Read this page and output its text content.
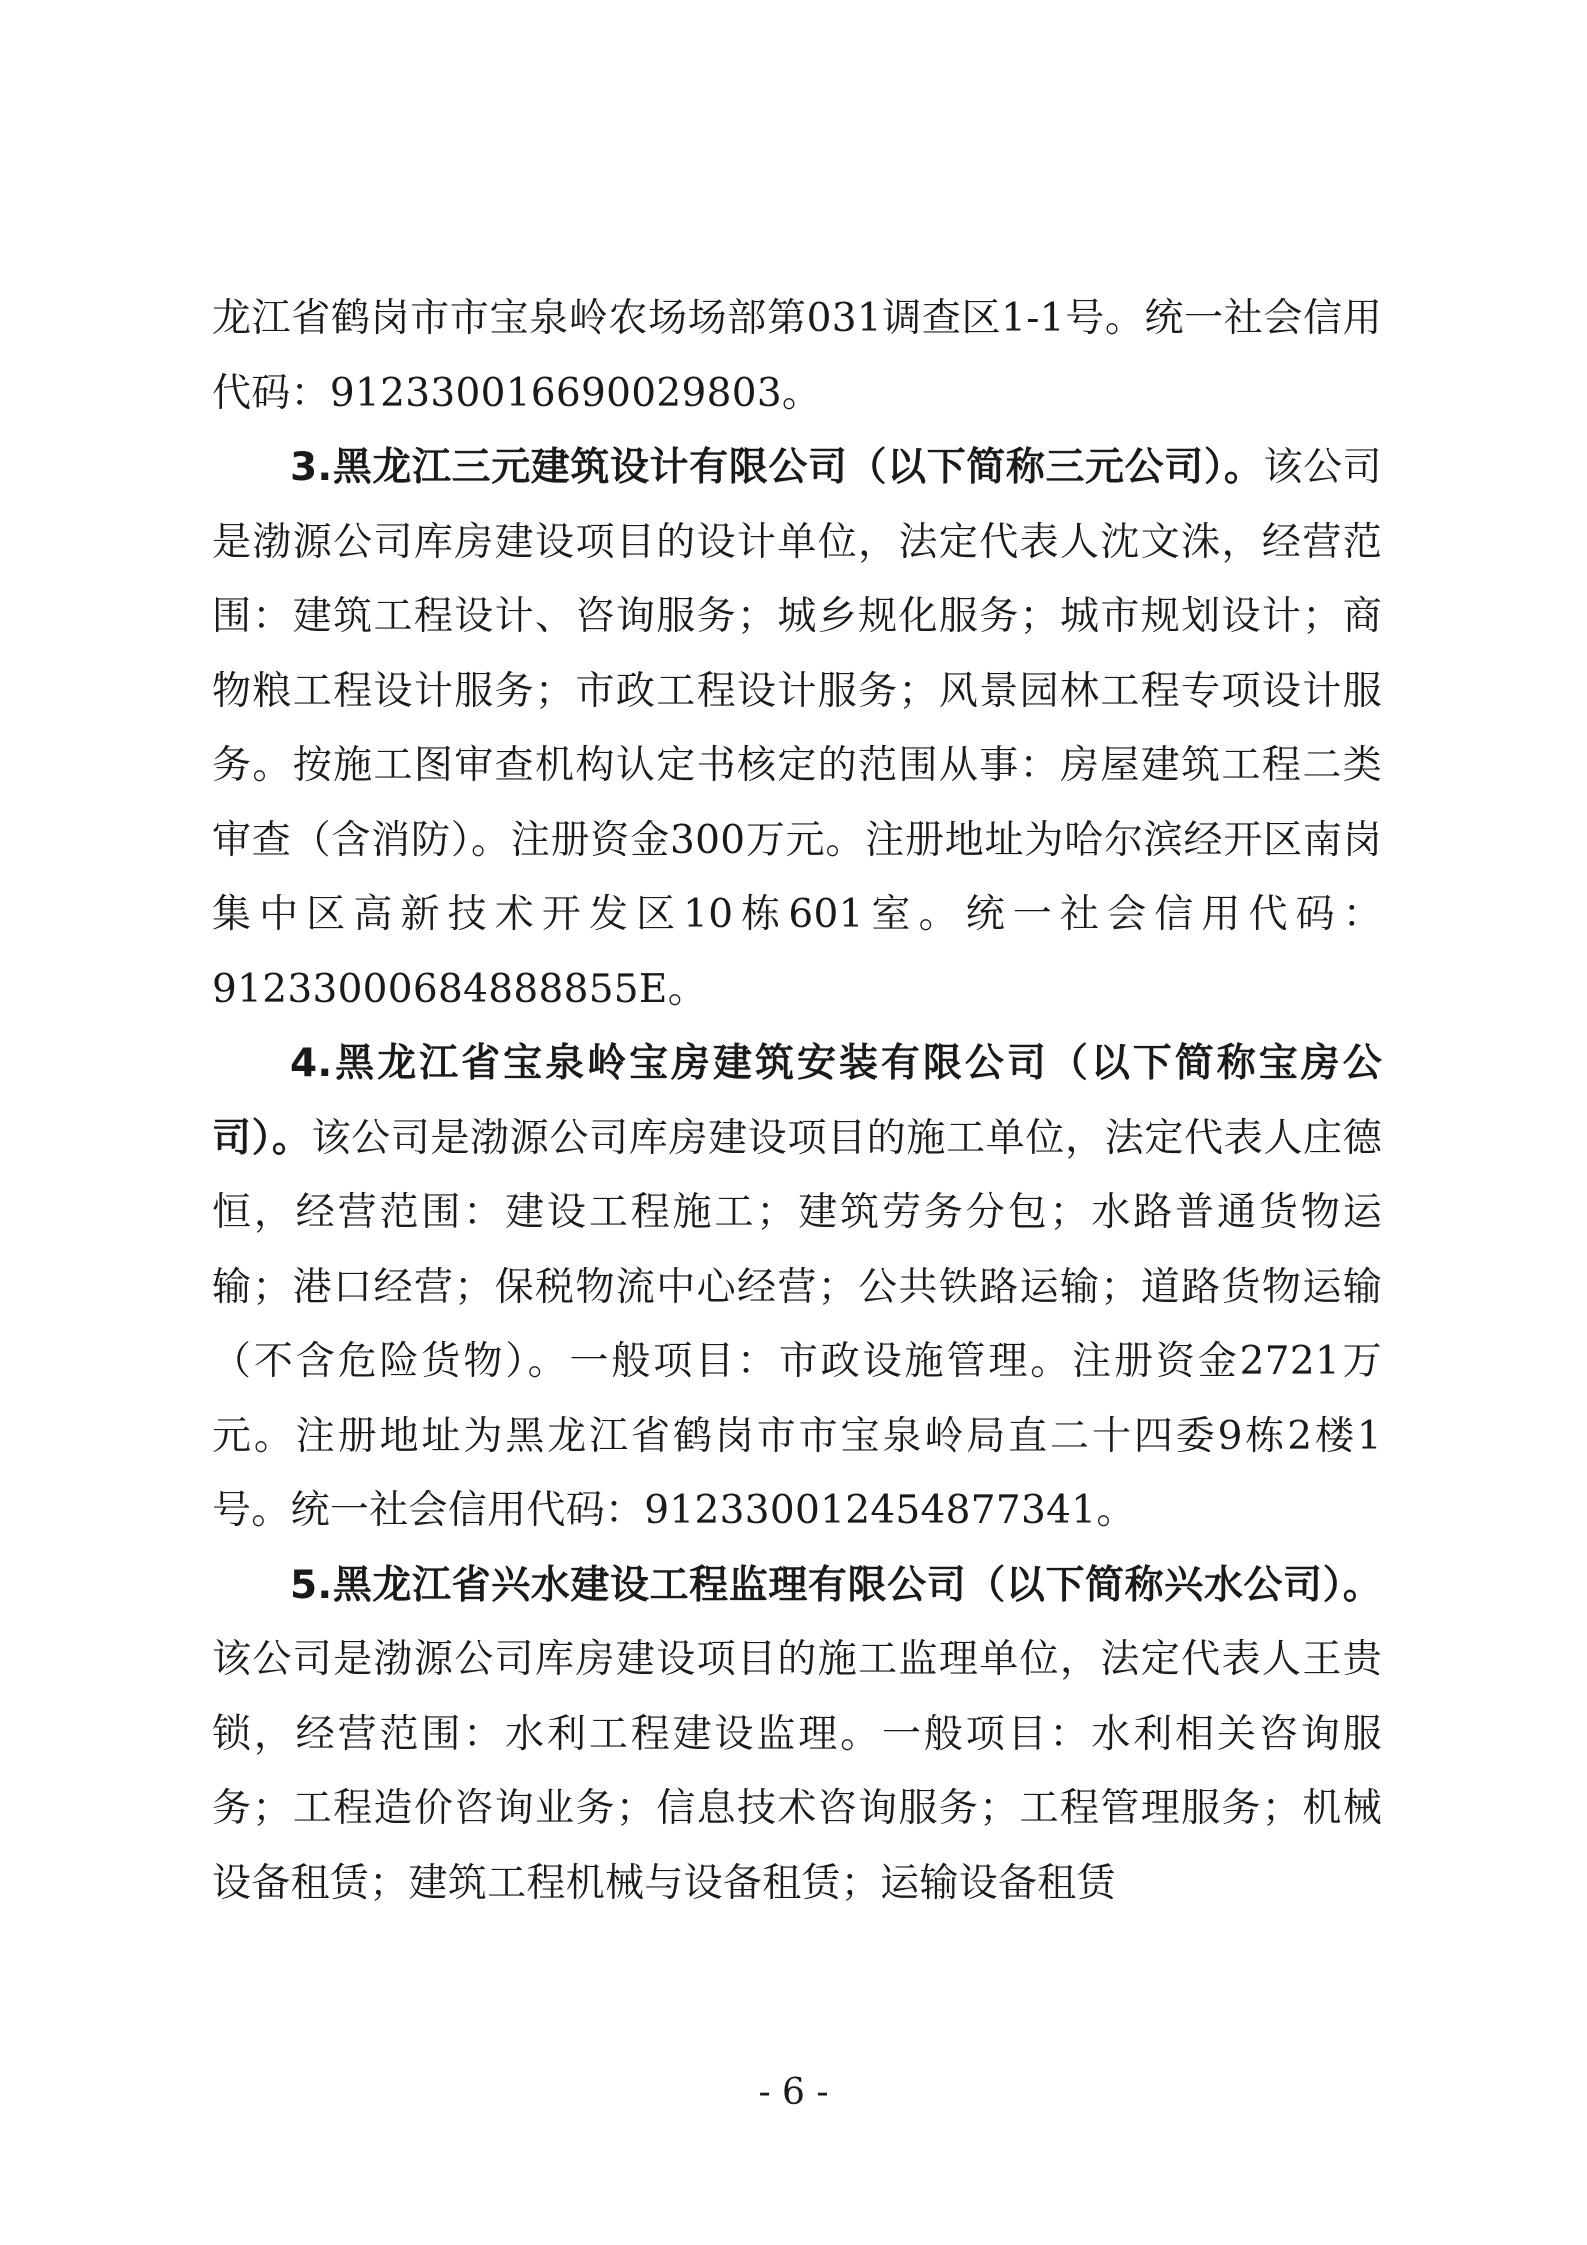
龙江省鹤岗市市宝泉岭农场场部第031调查区1-1号。统一社会信用代码：912330016690029803。

3.黑龙江三元建筑设计有限公司（以下简称三元公司）。该公司是渤源公司库房建设项目的设计单位，法定代表人沈文洙，经营范围：建筑工程设计、咨询服务；城乡规化服务；城市规划设计；商物粮工程设计服务；市政工程设计服务；风景园林工程专项设计服务。按施工图审查机构认定书核定的范围从事：房屋建筑工程二类审查（含消防）。注册资金300万元。注册地址为哈尔滨经开区南岗集中区高新技术开发区10栋601室。统一社会信用代码：91233000684888855E。

4.黑龙江省宝泉岭宝房建筑安装有限公司（以下简称宝房公司）。该公司是渤源公司库房建设项目的施工单位，法定代表人庄德恒，经营范围：建设工程施工；建筑劳务分包；水路普通货物运输；港口经营；保税物流中心经营；公共铁路运输；道路货物运输（不含危险货物）。一般项目：市政设施管理。注册资金2721万元。注册地址为黑龙江省鹤岗市市宝泉岭局直二十四委9栋2楼1号。统一社会信用代码：912330012454877341。

5.黑龙江省兴水建设工程监理有限公司（以下简称兴水公司）。该公司是渤源公司库房建设项目的施工监理单位，法定代表人王贵锁，经营范围：水利工程建设监理。一般项目：水利相关咨询服务；工程造价咨询业务；信息技术咨询服务；工程管理服务；机械设备租赁；建筑工程机械与设备租赁；运输设备租赁

- 6 -
